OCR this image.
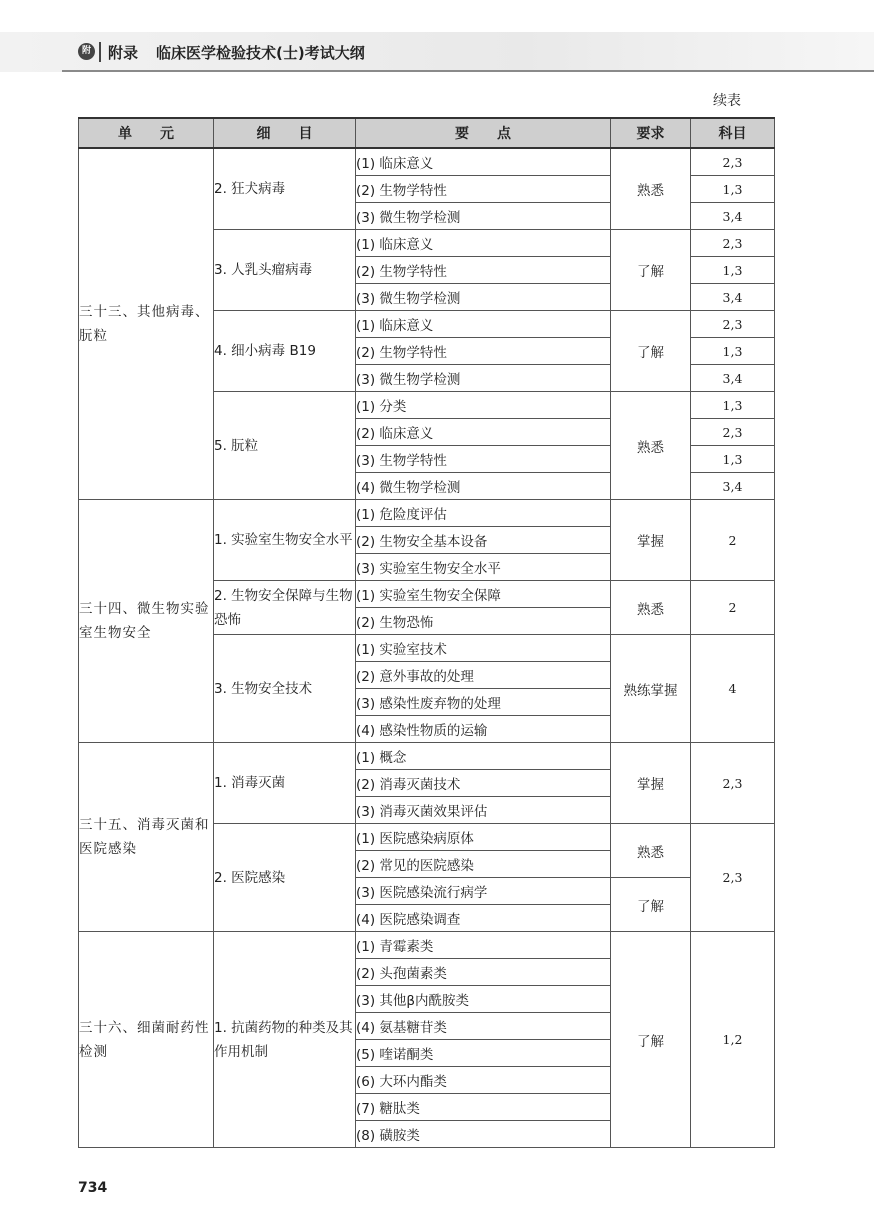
附 附录 临床医学检验技术(士)考试大纲
续表
单　　元	细　　目	要　　点	要求	科目
三十三、其他病毒、朊粒	2. 狂犬病毒	(1) 临床意义	熟悉	2,3
		(2) 生物学特性		1,3
		(3) 微生物学检测		3,4
	3. 人乳头瘤病毒	(1) 临床意义	了解	2,3
		(2) 生物学特性		1,3
		(3) 微生物学检测		3,4
	4. 细小病毒 B19	(1) 临床意义	了解	2,3
		(2) 生物学特性		1,3
		(3) 微生物学检测		3,4
	5. 朊粒	(1) 分类	熟悉	1,3
		(2) 临床意义		2,3
		(3) 生物学特性		1,3
		(4) 微生物学检测		3,4
三十四、微生物实验室生物安全	1. 实验室生物安全水平	(1) 危险度评估	掌握	2
		(2) 生物安全基本设备		
		(3) 实验室生物安全水平		
	2. 生物安全保障与生物恐怖	(1) 实验室生物安全保障	熟悉	2
		(2) 生物恐怖		
	3. 生物安全技术	(1) 实验室技术	熟练掌握	4
		(2) 意外事故的处理		
		(3) 感染性废弃物的处理		
		(4) 感染性物质的运输		
三十五、消毒灭菌和医院感染	1. 消毒灭菌	(1) 概念	掌握	2,3
		(2) 消毒灭菌技术		
		(3) 消毒灭菌效果评估		
	2. 医院感染	(1) 医院感染病原体	熟悉	2,3
		(2) 常见的医院感染		
		(3) 医院感染流行病学	了解	
		(4) 医院感染调查		
三十六、细菌耐药性检测	1. 抗菌药物的种类及其作用机制	(1) 青霉素类	了解	1,2
		(2) 头孢菌素类		
		(3) 其他β内酰胺类		
		(4) 氨基糖苷类		
		(5) 喹诺酮类		
		(6) 大环内酯类		
		(7) 糖肽类		
		(8) 磺胺类		
734
